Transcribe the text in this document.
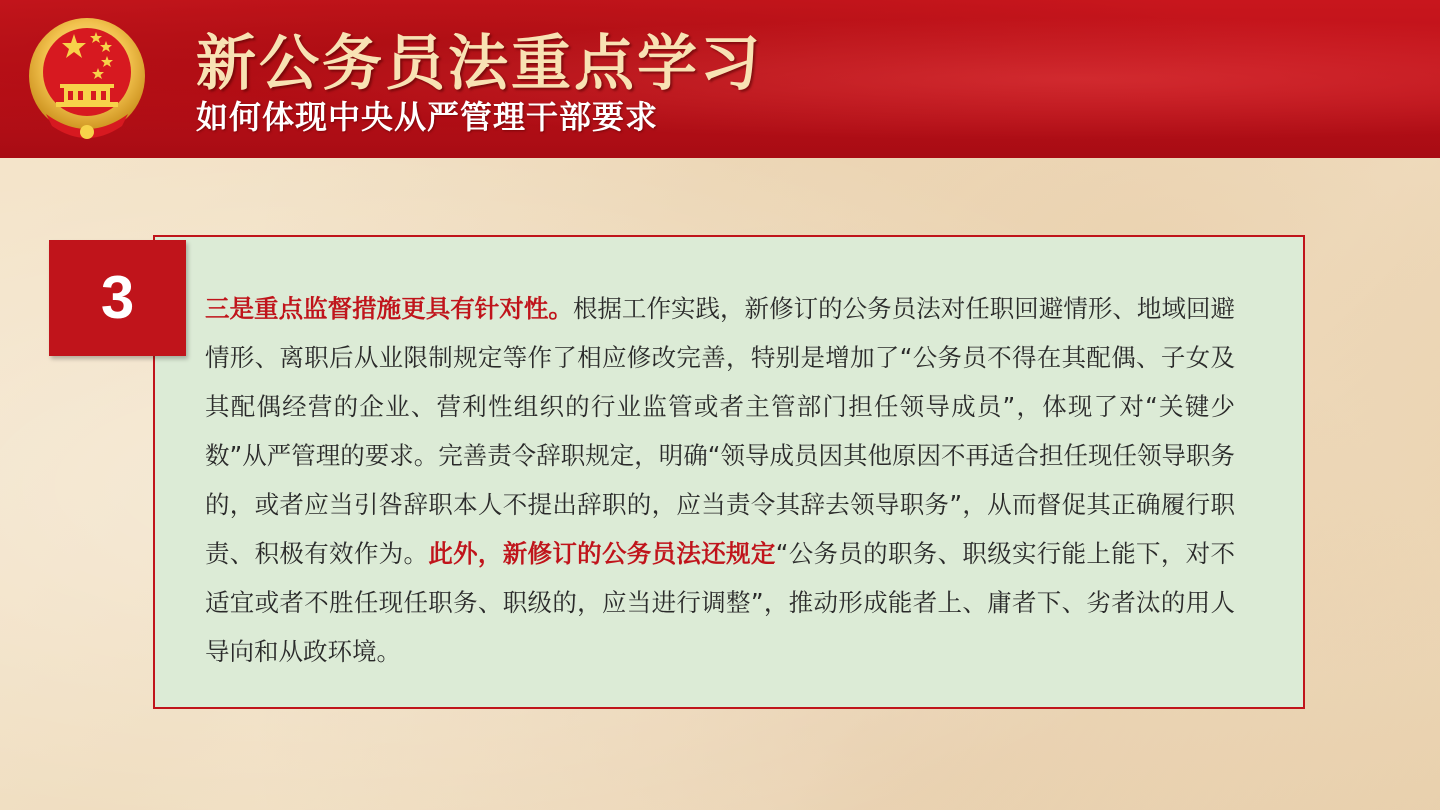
新公务员法重点学习
如何体现中央从严管理干部要求
3	三是重点监督措施更具有针对性。根据工作实践，新修订的公务员法对任职回避情形、地域回避情形、离职后从业限制规定等作了相应修改完善，特别是增加了“公务员不得在其配偶、子女及其配偶经营的企业、营利性组织的行业监管或者主管部门担任领导成员”，体现了对“关键少数”从严管理的要求。完善责令辞职规定，明确“领导成员因其他原因不再适合担任现任领导职务的，或者应当引咎辞职本人不提出辞职的，应当责令其辞去领导职务”，从而督促其正确履行职责、积极有效作为。此外，新修订的公务员法还规定“公务员的职务、职级实行能上能下，对不适宜或者不胜任现任职务、职级的，应当进行调整”，推动形成能者上、庸者下、劣者汰的用人导向和从政环境。
